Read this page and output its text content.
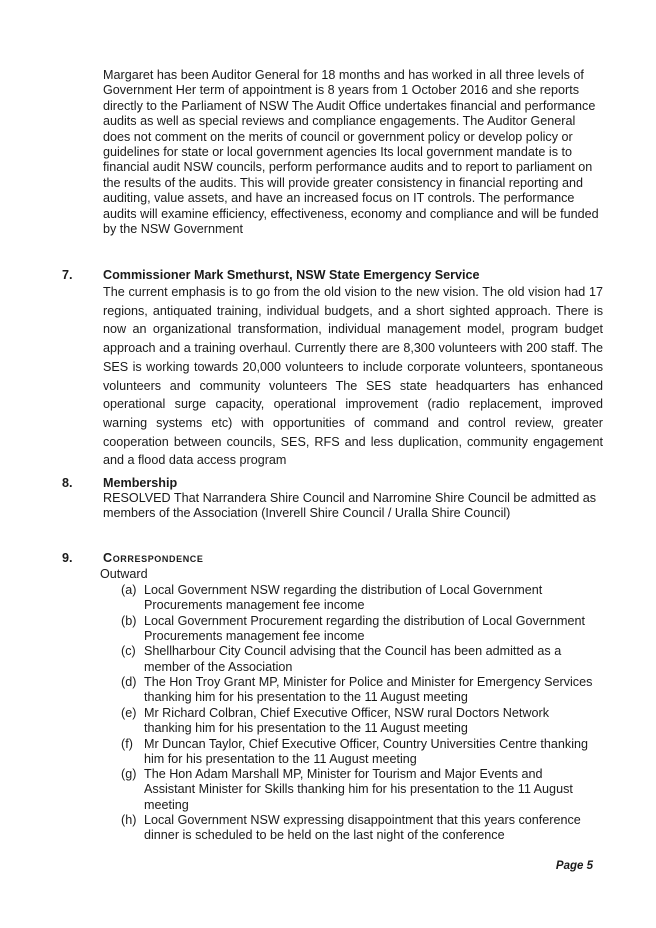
Margaret has been Auditor General for 18 months and has worked in all three levels of Government Her term of appointment is 8 years from 1 October 2016 and she reports directly to the Parliament of NSW The Audit Office undertakes financial and performance audits as well as special reviews and compliance engagements. The Auditor General does not comment on the merits of council or government policy or develop policy or guidelines for state or local government agencies Its local government mandate is to financial audit NSW councils, perform performance audits and to report to parliament on the results of the audits. This will provide greater consistency in financial reporting and auditing, value assets, and have an increased focus on IT controls. The performance audits will examine efficiency, effectiveness, economy and compliance and will be funded by the NSW Government

7. Commissioner Mark Smethurst, NSW State Emergency Service

The current emphasis is to go from the old vision to the new vision. The old vision had 17 regions, antiquated training, individual budgets, and a short sighted approach. There is now an organizational transformation, individual management model, program budget approach and a training overhaul. Currently there are 8,300 volunteers with 200 staff. The SES is working towards 20,000 volunteers to include corporate volunteers, spontaneous volunteers and community volunteers The SES state headquarters has enhanced operational surge capacity, operational improvement (radio replacement, improved warning systems etc) with opportunities of command and control review, greater cooperation between councils, SES, RFS and less duplication, community engagement and a flood data access program

8. Membership

RESOLVED That Narrandera Shire Council and Narromine Shire Council be admitted as members of the Association (Inverell Shire Council / Uralla Shire Council)

9. Correspondence
Outward
(a) Local Government NSW regarding the distribution of Local Government Procurements management fee income
(b) Local Government Procurement regarding the distribution of Local Government Procurements management fee income
(c) Shellharbour City Council advising that the Council has been admitted as a member of the Association
(d) The Hon Troy Grant MP, Minister for Police and Minister for Emergency Services thanking him for his presentation to the 11 August meeting
(e) Mr Richard Colbran, Chief Executive Officer, NSW rural Doctors Network thanking him for his presentation to the 11 August meeting
(f) Mr Duncan Taylor, Chief Executive Officer, Country Universities Centre thanking him for his presentation to the 11 August meeting
(g) The Hon Adam Marshall MP, Minister for Tourism and Major Events and Assistant Minister for Skills thanking him for his presentation to the 11 August meeting
(h) Local Government NSW expressing disappointment that this years conference dinner is scheduled to be held on the last night of the conference
Page 5
